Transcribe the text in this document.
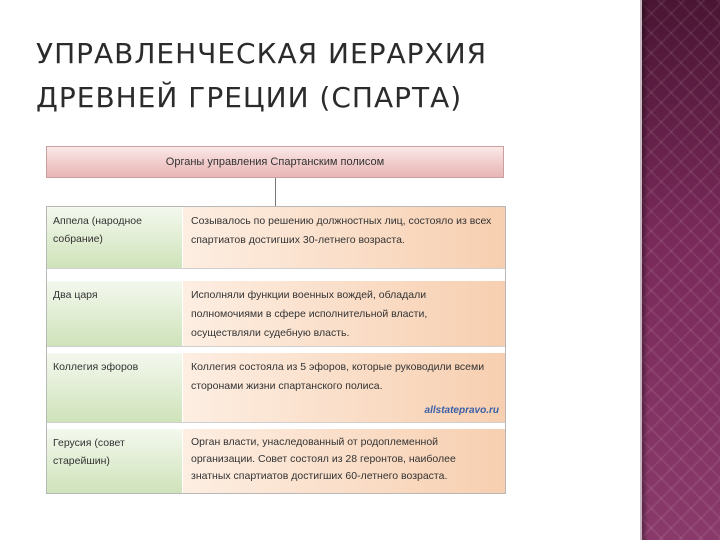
УПРАВЛЕНЧЕСКАЯ ИЕРАРХИЯ
ДРЕВНЕЙ ГРЕЦИИ (СПАРТА)
Органы управления Спартанским полисом
Аппела (народное собрание)
Созывалось по решению должностных лиц, состояло из всех спартиатов достигших 30-летнего возраста.
Два царя	Исполняли функции военных вождей, обладали полномочиями в сфере исполнительной власти, осуществляли судебную власть.
Коллегия эфоров	Коллегия состояла из 5 эфоров, которые руководили всеми сторонами жизни спартанского полиса.
allstatepravo.ru
Герусия (совет старейшин)
Орган власти, унаследованный от родоплеменной организации. Совет состоял из 28 геронтов, наиболее знатных спартиатов достигших 60-летнего возраста.
